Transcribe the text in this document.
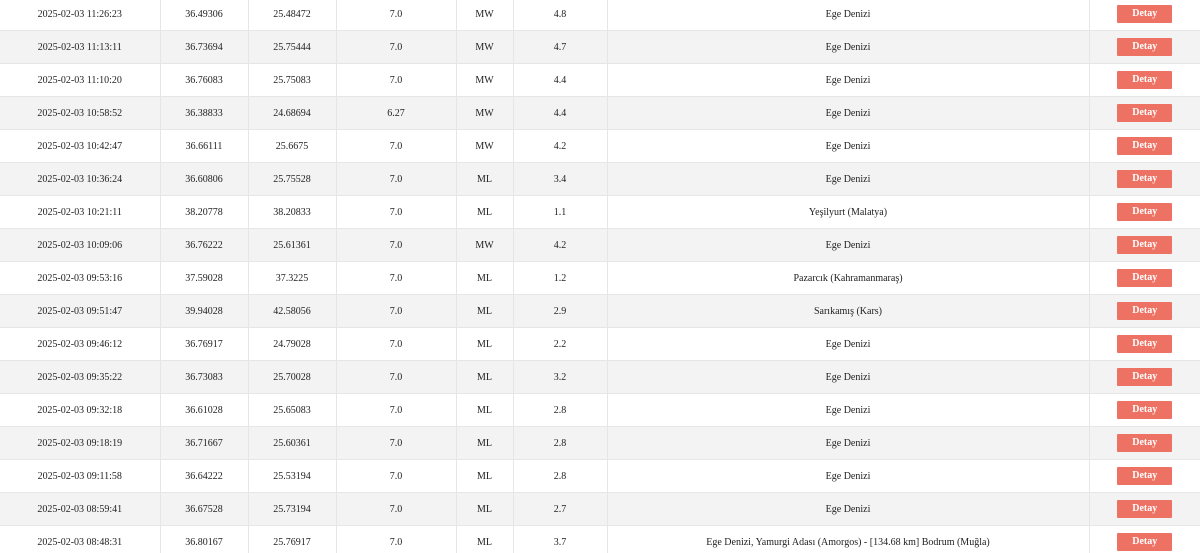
2025-02-03 11:26:23	36.49306	25.48472	7.0	MW	4.8	Ege Denizi	Detay
2025-02-03 11:13:11	36.73694	25.75444	7.0	MW	4.7	Ege Denizi	Detay
2025-02-03 11:10:20	36.76083	25.75083	7.0	MW	4.4	Ege Denizi	Detay
2025-02-03 10:58:52	36.38833	24.68694	6.27	MW	4.4	Ege Denizi	Detay
2025-02-03 10:42:47	36.66111	25.6675	7.0	MW	4.2	Ege Denizi	Detay
2025-02-03 10:36:24	36.60806	25.75528	7.0	ML	3.4	Ege Denizi	Detay
2025-02-03 10:21:11	38.20778	38.20833	7.0	ML	1.1	Yeşilyurt (Malatya)	Detay
2025-02-03 10:09:06	36.76222	25.61361	7.0	MW	4.2	Ege Denizi	Detay
2025-02-03 09:53:16	37.59028	37.3225	7.0	ML	1.2	Pazarcık (Kahramanmaraş)	Detay
2025-02-03 09:51:47	39.94028	42.58056	7.0	ML	2.9	Sarıkamış (Kars)	Detay
2025-02-03 09:46:12	36.76917	24.79028	7.0	ML	2.2	Ege Denizi	Detay
2025-02-03 09:35:22	36.73083	25.70028	7.0	ML	3.2	Ege Denizi	Detay
2025-02-03 09:32:18	36.61028	25.65083	7.0	ML	2.8	Ege Denizi	Detay
2025-02-03 09:18:19	36.71667	25.60361	7.0	ML	2.8	Ege Denizi	Detay
2025-02-03 09:11:58	36.64222	25.53194	7.0	ML	2.8	Ege Denizi	Detay
2025-02-03 08:59:41	36.67528	25.73194	7.0	ML	2.7	Ege Denizi	Detay
2025-02-03 08:48:31	36.80167	25.76917	7.0	ML	3.7	Ege Denizi, Yamurgi Adası (Amorgos) - [134.68 km] Bodrum (Muğla)	Detay
